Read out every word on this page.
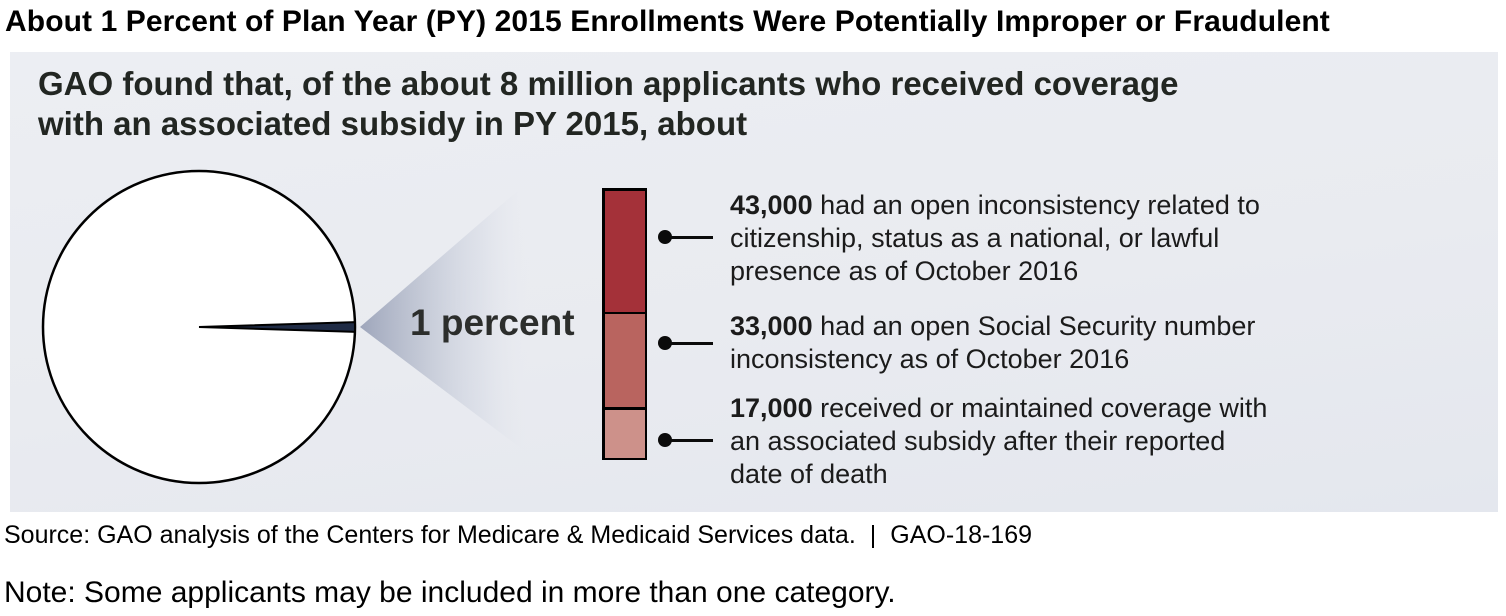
About 1 Percent of Plan Year (PY) 2015 Enrollments Were Potentially Improper or Fraudulent
GAO found that, of the about 8 million applicants who received coverage
with an associated subsidy in PY 2015, about
1 percent
43,000 had an open inconsistency related to
citizenship, status as a national, or lawful
presence as of October 2016
33,000 had an open Social Security number
inconsistency as of October 2016
17,000 received or maintained coverage with
an associated subsidy after their reported
date of death
Source: GAO analysis of the Centers for Medicare & Medicaid Services data. | GAO-18-169
Note: Some applicants may be included in more than one category.
